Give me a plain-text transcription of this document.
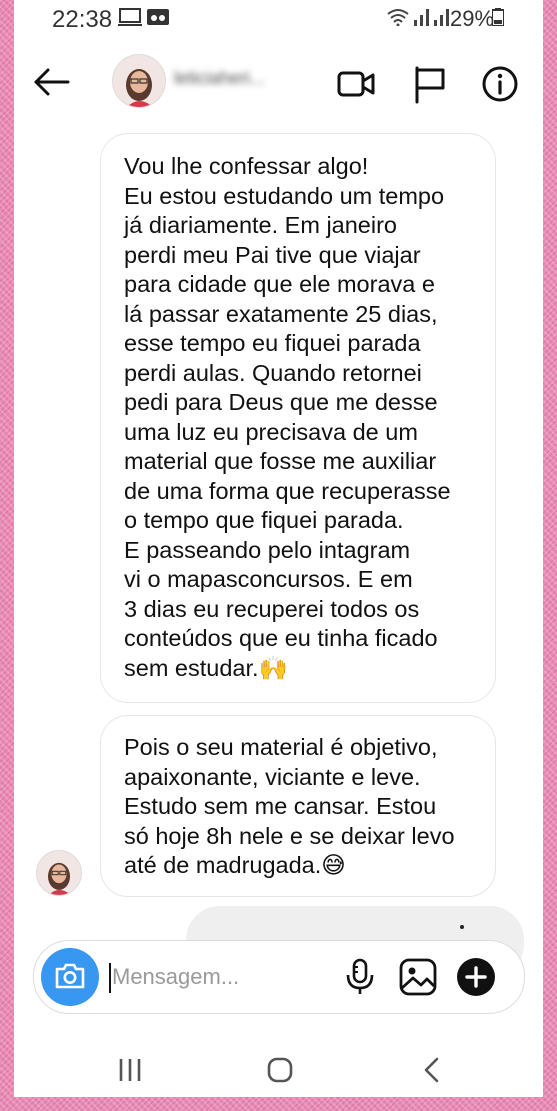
22:38	29%
leticiaheri...

Vou lhe confessar algo!
Eu estou estudando um tempo
já diariamente. Em janeiro
perdi meu Pai tive que viajar
para cidade que ele morava e
lá passar exatamente 25 dias,
esse tempo eu fiquei parada
perdi aulas. Quando retornei
pedi para Deus que me desse
uma luz eu precisava de um
material que fosse me auxiliar
de uma forma que recuperasse
o tempo que fiquei parada.
E passeando pelo intagram
vi o mapasconcursos. E em
3 dias eu recuperei todos os
conteúdos que eu tinha ficado
sem estudar.🙌

Pois o seu material é objetivo,
apaixonante, viciante e leve.
Estudo sem me cansar. Estou
só hoje 8h nele e se deixar levo
até de madrugada.😅

Mensagem...
